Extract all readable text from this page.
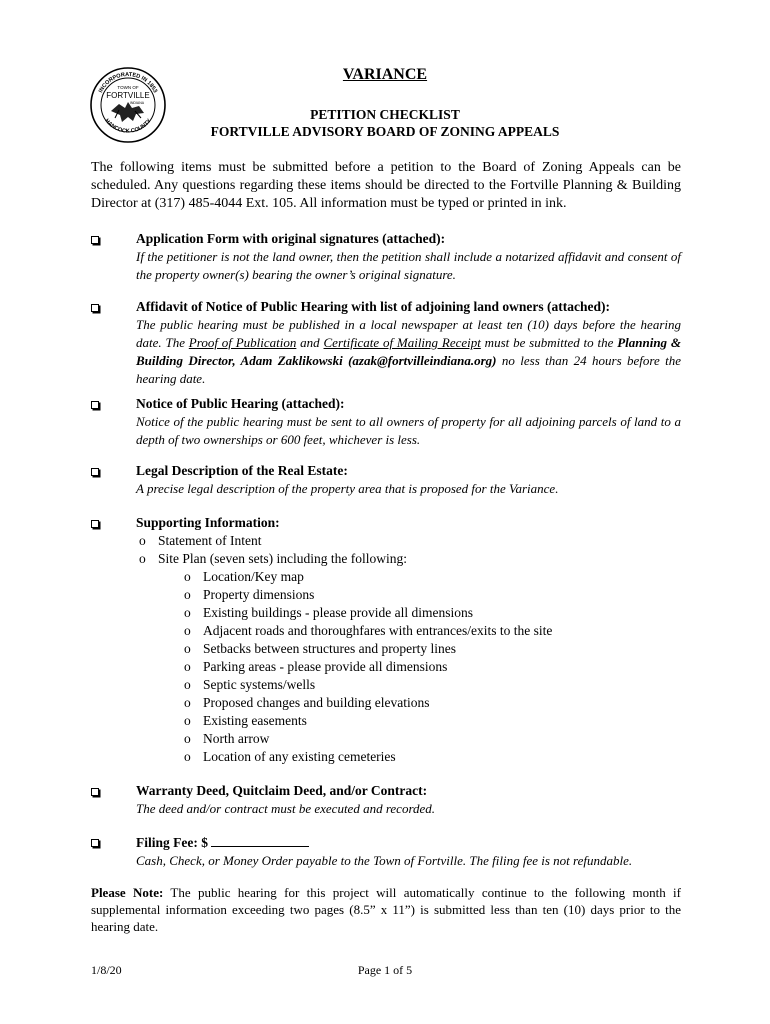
INCORPORATED IN 1853
HANCOCK COUNTY
TOWN OF
FORTVILLE
INDIANA
VARIANCE
PETITION CHECKLIST
FORTVILLE ADVISORY BOARD OF ZONING APPEALS
The following items must be submitted before a petition to the Board of Zoning Appeals can be scheduled. Any questions regarding these items should be directed to the Fortville Planning & Building Director at (317) 485-4044 Ext. 105. All information must be typed or printed in ink.
Application Form with original signatures (attached):
If the petitioner is not the land owner, then the petition shall include a notarized affidavit and consent of the property owner(s) bearing the owner’s original signature.
Affidavit of Notice of Public Hearing with list of adjoining land owners (attached):
The public hearing must be published in a local newspaper at least ten (10) days before the hearing date. The Proof of Publication and Certificate of Mailing Receipt must be submitted to the Planning & Building Director, Adam Zaklikowski (azak@fortvilleindiana.org) no less than 24 hours before the hearing date.
Notice of Public Hearing (attached):
Notice of the public hearing must be sent to all owners of property for all adjoining parcels of land to a depth of two ownerships or 600 feet, whichever is less.
Legal Description of the Real Estate:
A precise legal description of the property area that is proposed for the Variance.
Supporting Information:
o Statement of Intent
o Site Plan (seven sets) including the following:
o Location/Key map
o Property dimensions
o Existing buildings - please provide all dimensions
o Adjacent roads and thoroughfares with entrances/exits to the site
o Setbacks between structures and property lines
o Parking areas - please provide all dimensions
o Septic systems/wells
o Proposed changes and building elevations
o Existing easements
o North arrow
o Location of any existing cemeteries
Warranty Deed, Quitclaim Deed, and/or Contract:
The deed and/or contract must be executed and recorded.
Filing Fee: $
Cash, Check, or Money Order payable to the Town of Fortville. The filing fee is not refundable.
Please Note: The public hearing for this project will automatically continue to the following month if supplemental information exceeding two pages (8.5” x 11”) is submitted less than ten (10) days prior to the hearing date.
1/8/20	Page 1 of 5
